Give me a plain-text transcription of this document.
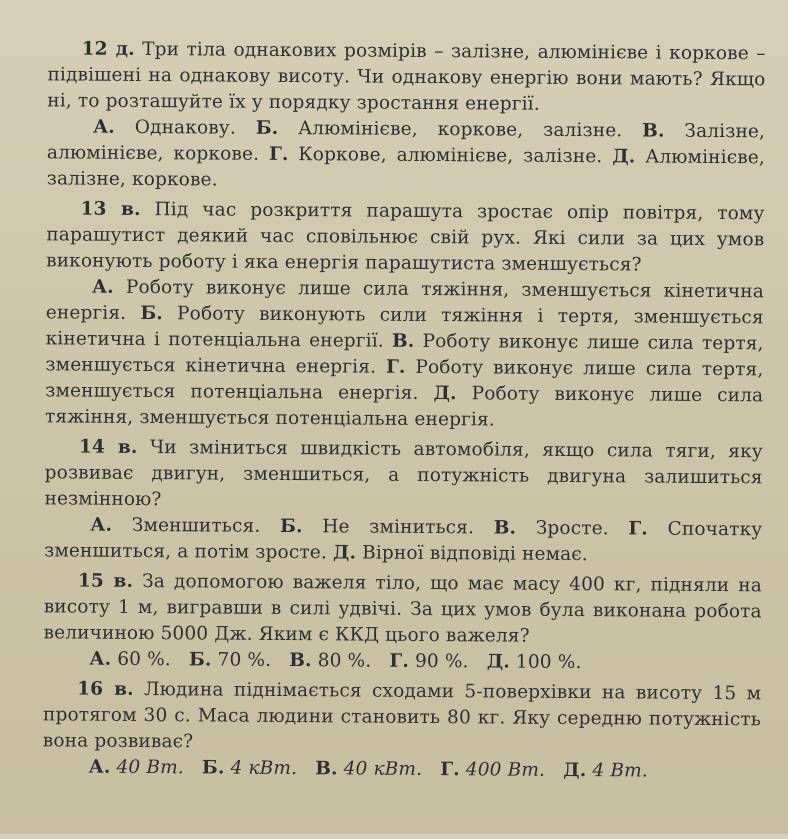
12 д. Три тіла однакових розмірів – залізне, алюмінієве і коркове – підвішені на однакову висоту. Чи однакову енергію вони мають? Якщо ні, то розташуйте їх у порядку зростання енергії.

А. Однакову. Б. Алюмінієве, коркове, залізне. В. Залізне, алюмінієве, коркове. Г. Коркове, алюмінієве, залізне. Д. Алюмінієве, залізне, коркове.

13 в. Під час розкриття парашута зростає опір повітря, тому парашутист деякий час сповільнює свій рух. Які сили за цих умов виконують роботу і яка енергія парашутиста зменшується?

А. Роботу виконує лише сила тяжіння, зменшується кінетична енергія. Б. Роботу виконують сили тяжіння і тертя, зменшується кінетична і потенціальна енергії. В. Роботу виконує лише сила тертя, зменшується кінетична енергія. Г. Роботу виконує лише сила тертя, зменшується потенціальна енергія. Д. Роботу виконує лише сила тяжіння, зменшується потенціальна енергія.

14 в. Чи зміниться швидкість автомобіля, якщо сила тяги, яку розвиває двигун, зменшиться, а потужність двигуна залишиться незмінною?

А. Зменшиться. Б. Не зміниться. В. Зросте. Г. Спочатку зменшиться, а потім зросте. Д. Вірної відповіді немає.

15 в. За допомогою важеля тіло, що має масу 400 кг, підняли на висоту 1 м, вигравши в силі удвічі. За цих умов була виконана робота величиною 5000 Дж. Яким є ККД цього важеля?

А. 60 %. Б. 70 %. В. 80 %. Г. 90 %. Д. 100 %.

16 в. Людина піднімається сходами 5-поверхівки на висоту 15 м протягом 30 с. Маса людини становить 80 кг. Яку середню потужність вона розвиває?

А. 40 Вт. Б. 4 кВт. В. 40 кВт. Г. 400 Вт. Д. 4 Вт.
